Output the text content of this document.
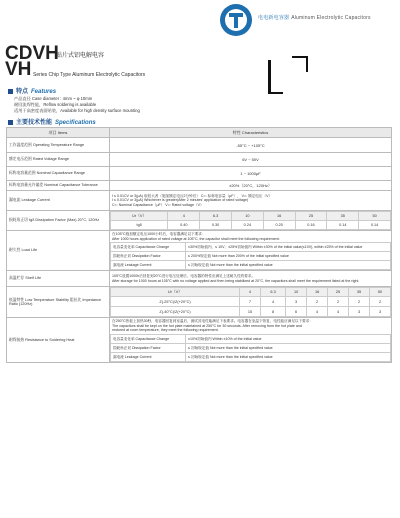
电电新电容器 Aluminum Electrolytic Capacitors
CDVH
VH
贴片式铝电解电容
Series Chip Type Aluminum Electrolytic Capacitors
特点 Features
产品直径 Case diameter : 4mm ~ φ 10mm
耐回流焊性能，Reflow soldering is available
适用于高密度表面贴装，Available for high density surface mounting
主要技术性能 Specifications
项目 Items	特性 Characteristics
工作温度范围 Operating Temperature Range	-55°C ~ +105°C
额定电压范围 Rated Voltage Range	6V ~ 50V
标称电容量范围 Nominal Capacitance Range	1 ~ 1000μF
标称电容量允许偏差 Nominal Capacitance Tolerance	±20%（20°C，120Hz）
漏电流 Leakage Current	
I ≤ 0.01CV or 3(μA) 取较大者（施加额定电压2分钟后） C=: 标称电容量（μF）， V=: 额定电压（V）
I ≤ 0.01CV or 3(μA) Whichever is greater(After 2 minutes' application of rated voltage)
C=: Nominal Capacitance（μF） V=: Rated voltage（V）

损耗角正切 tgδ Dissipation Factor (Max) 20°C, 120Hz	
Ur（V）	4	6.3	10	16	25	35	50
tgδ	0.40	0.30	0.24	0.20	0.16	0.14	0.14

耐久性 Load Life	
在105°C施加额定电压1000小时后，电容器满足以下要求：
After 1000 hours application of rated voltage at 105°C, the capacitor shall meet the following requirement:
电容量变化率 Capacitance Change	±30%初始值内，≤ 10V；±25%初始值内 Within ±30% of the initial value(≤10V), within ±25% of the initial value
损耗角正切 Dissipation Factor	≤ 200%规定值 Not more than 200% of the initial specified value
漏电流 Leakage Current	≤ 初始规定值 Not more than the initial specified value

高温贮存 Shelf Life	
105°C放置1000h后回复到20°C进行电压处理后，电容器的特性应满足上述耐久性的要求。
After storage for 1000 hours at 105°C with no voltage applied and then being stabilized at 20°C, the capacitors shall meet the requirement listed at the right.

低温特性 Low Temperature Stability 阻抗比 Impedance Ratio (120Hz)	
Ur（V）	4	6.3	10	16	25	35	50
Z(-25°C)/Z(+20°C)	7	4	3	2	2	2	2
Z(-40°C)/Z(+20°C)	15	8	6	4	4	3	3

耐焊接热 Resistance to Soldering Heat	
在250°C热板上加热30秒，电容器回复到室温后，测试其电性能满足下表要求。电容器在室温下恢复，电性能应满足以下要求：
The capacitors shall be kept on the hot plate maintained at 250°C for 30 seconds. After removing from the hot plate and
restored at room temperature, they meet the following requirement.
电容量变化率 Capacitance Change	±10%初始值内 Within ±10% of the initial value
损耗角正切 Dissipation Factor	≤ 初始规定值 Not more than the initial specified value
漏电流 Leakage Current	≤ 初始规定值 Not more than the initial specified value
